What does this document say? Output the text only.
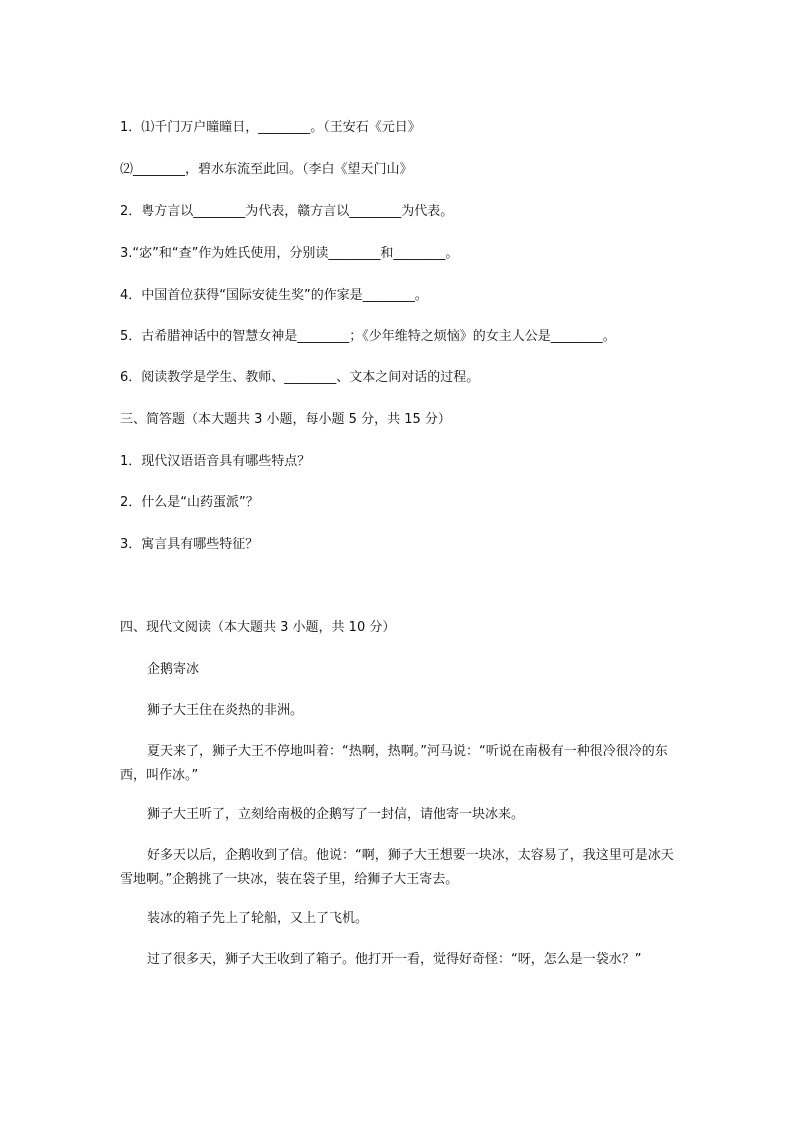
1．⑴千门万户曈曈日，________。（王安石《元日》
⑵________，碧水东流至此回。（李白《望天门山》
2．粤方言以________为代表，赣方言以________为代表。
3.“宓”和“查”作为姓氏使用，分别读________和________。
4．中国首位获得“国际安徒生奖”的作家是________。
5．古希腊神话中的智慧女神是________；《少年维特之烦恼》的女主人公是________。
6．阅读教学是学生、教师、________、文本之间对话的过程。
三、简答题（本大题共 3 小题，每小题 5 分，共 15 分）
1．现代汉语语音具有哪些特点？
2．什么是“山药蛋派”？
3．寓言具有哪些特征？
四、现代文阅读（本大题共 3 小题，共 10 分）
企鹅寄冰
狮子大王住在炎热的非洲。
夏天来了，狮子大王不停地叫着：“热啊，热啊。”河马说：“听说在南极有一种很冷很冷的东西，叫作冰。”
狮子大王听了，立刻给南极的企鹅写了一封信，请他寄一块冰来。
好多天以后，企鹅收到了信。他说：“啊，狮子大王想要一块冰，太容易了，我这里可是冰天雪地啊。”企鹅挑了一块冰，装在袋子里，给狮子大王寄去。
装冰的箱子先上了轮船，又上了飞机。
过了很多天，狮子大王收到了箱子。他打开一看，觉得好奇怪：“呀，怎么是一袋水？”
